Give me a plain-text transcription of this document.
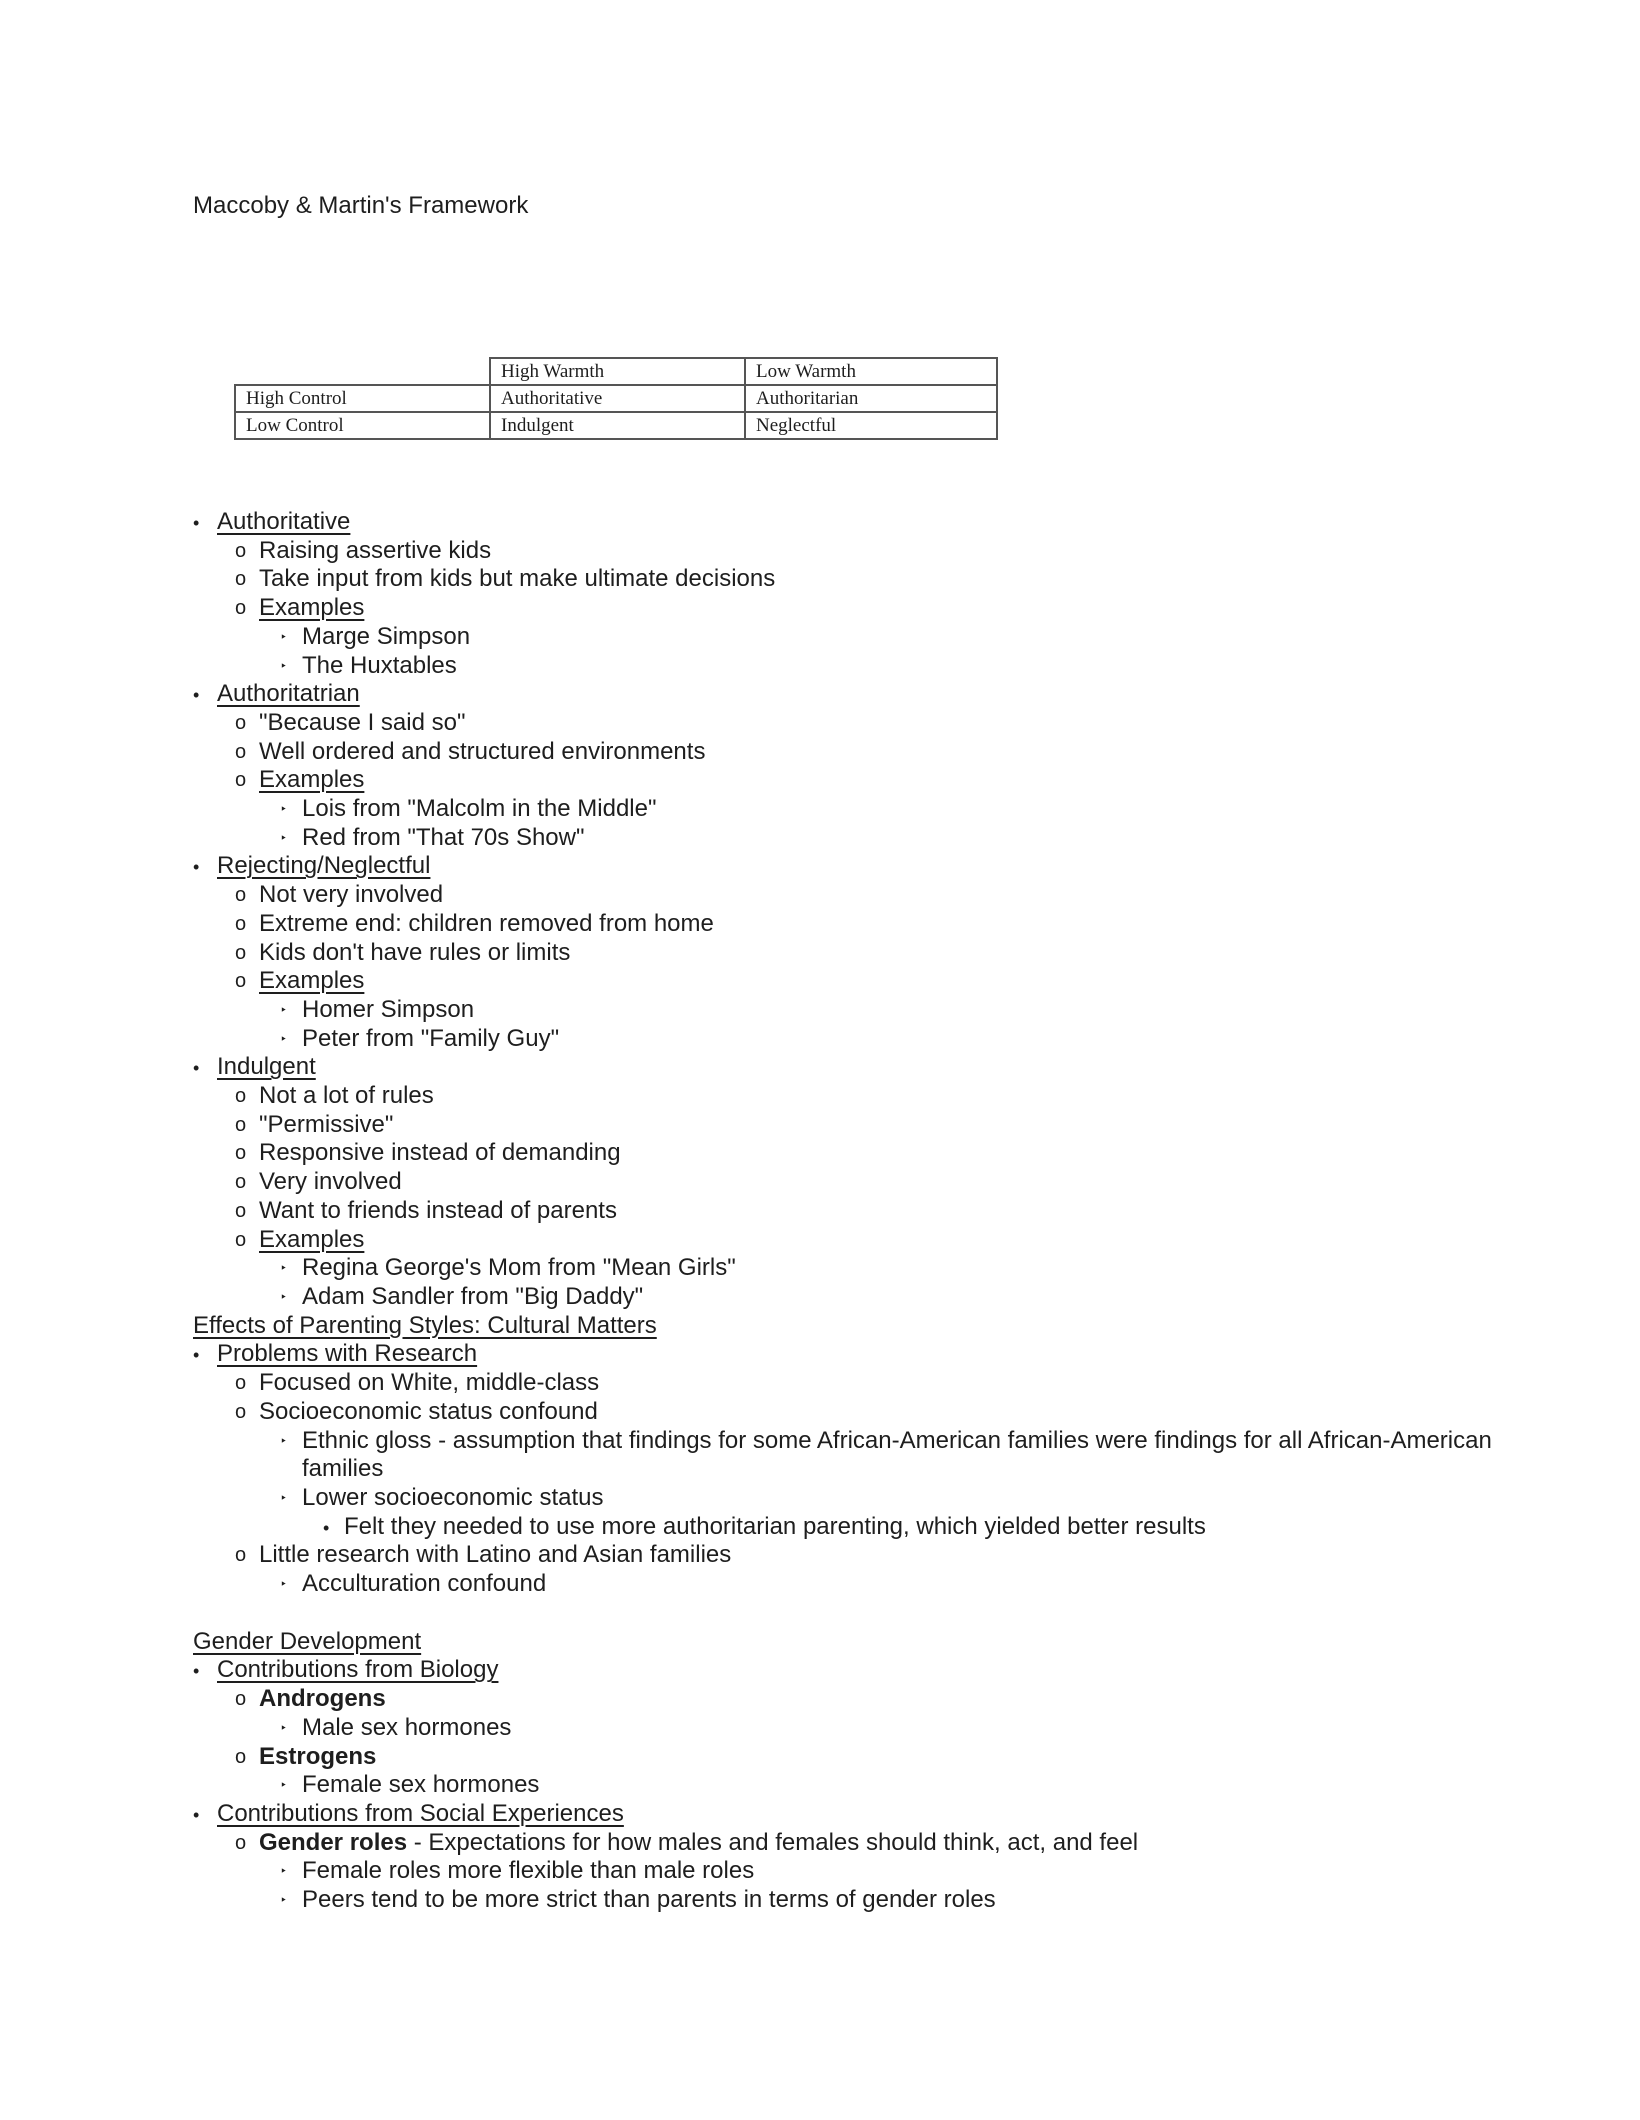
Maccoby & Martin's Framework
	High Warmth	Low Warmth
High Control	Authoritative	Authoritarian
Low Control	Indulgent	Neglectful
• Authoritative
o Raising assertive kids
o Take input from kids but make ultimate decisions
o Examples
‣ Marge Simpson
‣ The Huxtables
• Authoritatrian
o "Because I said so"
o Well ordered and structured environments
o Examples
‣ Lois from "Malcolm in the Middle"
‣ Red from "That 70s Show"
• Rejecting/Neglectful
o Not very involved
o Extreme end: children removed from home
o Kids don't have rules or limits
o Examples
‣ Homer Simpson
‣ Peter from "Family Guy"
• Indulgent
o Not a lot of rules
o "Permissive"
o Responsive instead of demanding
o Very involved
o Want to friends instead of parents
o Examples
‣ Regina George's Mom from "Mean Girls"
‣ Adam Sandler from "Big Daddy"
Effects of Parenting Styles: Cultural Matters
• Problems with Research
o Focused on White, middle-class
o Socioeconomic status confound
‣ Ethnic gloss - assumption that findings for some African-American families were findings for all African-American families
‣ Lower socioeconomic status
• Felt they needed to use more authoritarian parenting, which yielded better results
o Little research with Latino and Asian families
‣ Acculturation confound
Gender Development
• Contributions from Biology
o Androgens
‣ Male sex hormones
o Estrogens
‣ Female sex hormones
• Contributions from Social Experiences
o Gender roles - Expectations for how males and females should think, act, and feel
‣ Female roles more flexible than male roles
‣ Peers tend to be more strict than parents in terms of gender roles
